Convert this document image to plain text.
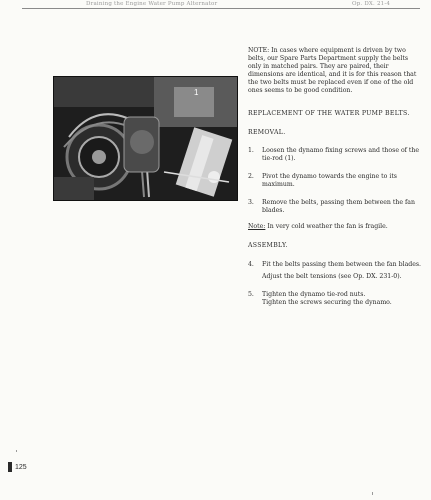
Draining the Engine Water Pump Alternator	Op. DX. 21-4
1
NOTE: In cases where equipment is driven by two belts, our Spare Parts Department supply the belts only in matched pairs. They are paired, their dimensions are identical, and it is for this reason that the two belts must be replaced even if one of the old ones seems to be good condition.
REPLACEMENT OF THE WATER PUMP BELTS.
REMOVAL.
1.	Loosen the dynamo fixing screws and those of the tie-rod (1).
2.	Pivot the dynamo towards the engine to its maximum.
3.	Remove the belts, passing them between the fan blades.
Note: In very cold weather the fan is fragile.
ASSEMBLY.
4.	Fit the belts passing them between the fan blades.
Adjust the belt tensions (see Op. DX. 231-0).
5.	Tighten the dynamo tie-rod nuts.
Tighten the screws securing the dynamo.
125
